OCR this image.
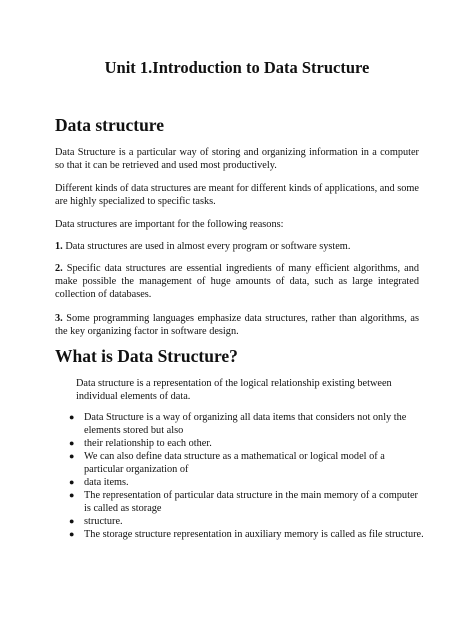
Unit 1.Introduction to Data Structure
Data structure

Data Structure is a particular way of storing and organizing information in a computer so that it can be retrieved and used most productively.

Different kinds of data structures are meant for different kinds of applications, and some are highly specialized to specific tasks.

Data structures are important for the following reasons:

1. Data structures are used in almost every program or software system.

2. Specific data structures are essential ingredients of many efficient algorithms, and make possible the management of huge amounts of data, such as large integrated collection of databases.

3. Some programming languages emphasize data structures, rather than algorithms, as the key organizing factor in software design.

What is Data Structure?

Data structure is a representation of the logical relationship existing between individual elements of data.

● Data Structure is a way of organizing all data items that considers not only the elements stored but also
● their relationship to each other.
● We can also define data structure as a mathematical or logical model of a particular organization of
● data items.
● The representation of particular data structure in the main memory of a computer is called as storage
● structure.
● The storage structure representation in auxiliary memory is called as file structure.
